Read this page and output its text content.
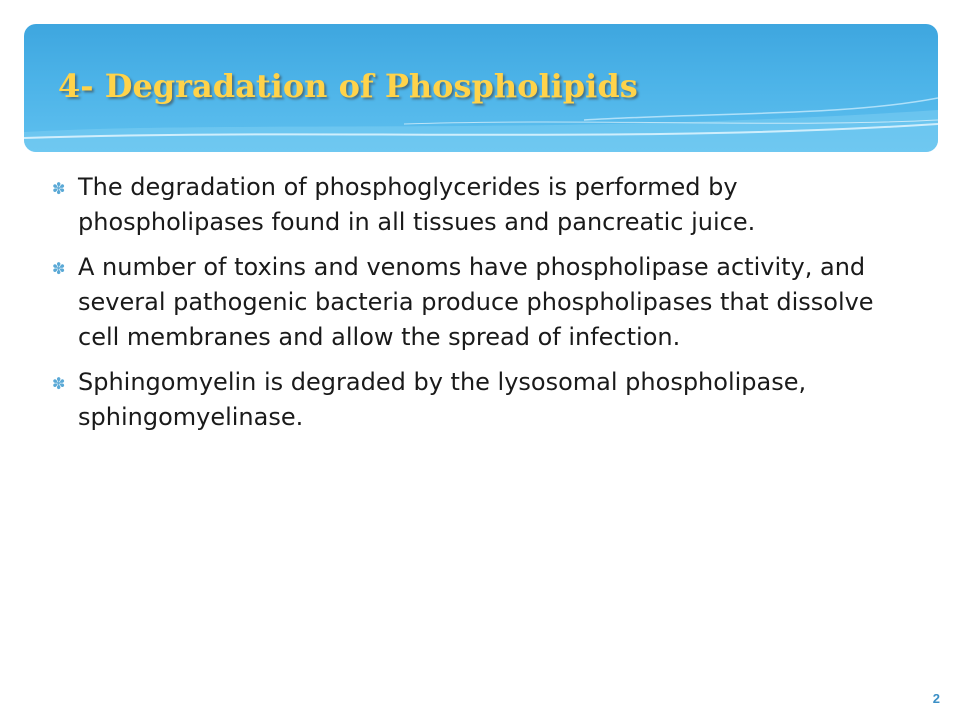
4- Degradation of Phospholipids
✽ The degradation of phosphoglycerides is performed by phospholipases found in all tissues and pancreatic juice.
✽ A number of toxins and venoms have phospholipase activity, and several pathogenic bacteria produce phospholipases that dissolve cell membranes and allow the spread of infection.
✽ Sphingomyelin is degraded by the lysosomal phospholipase, sphingomyelinase.
2
